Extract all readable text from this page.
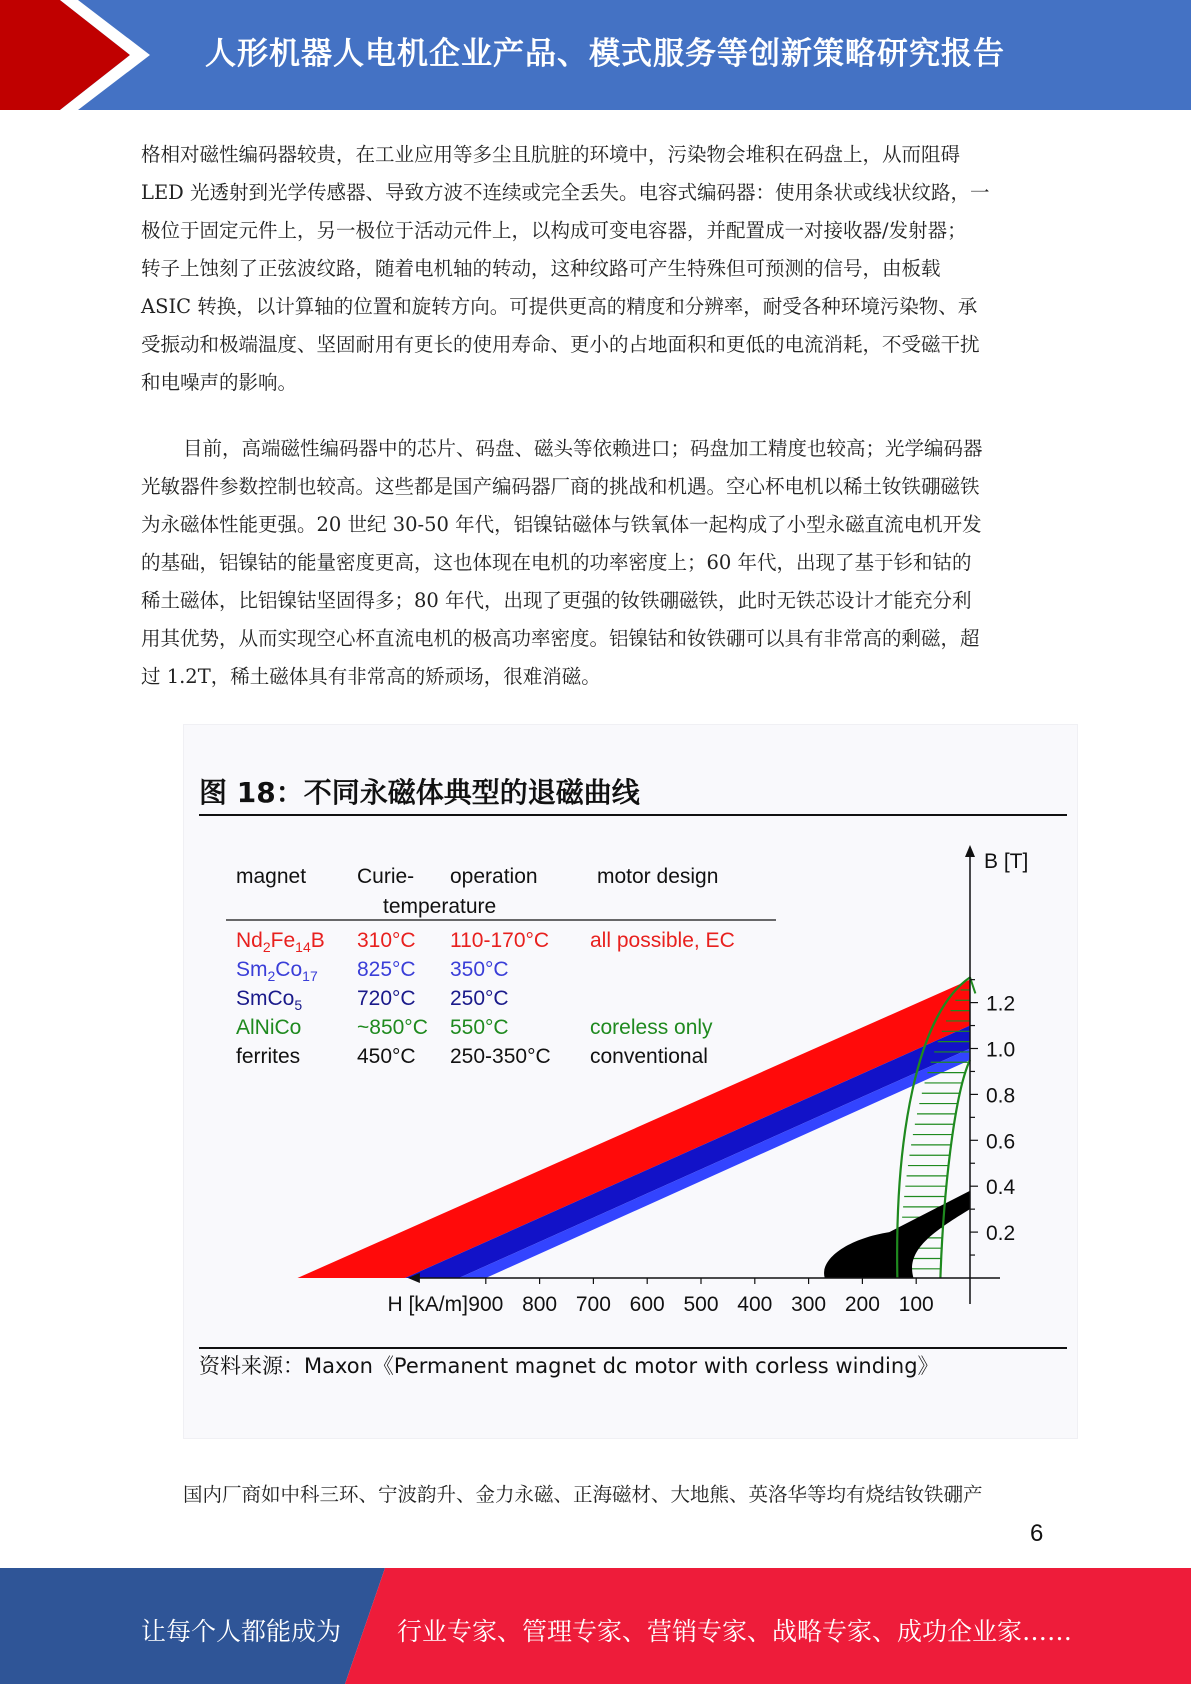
人形机器人电机企业产品、模式服务等创新策略研究报告
格相对磁性编码器较贵，在工业应用等多尘且肮脏的环境中，污染物会堆积在码盘上，从而阻碍
LED 光透射到光学传感器、导致方波不连续或完全丢失。电容式编码器：使用条状或线状纹路，一
极位于固定元件上，另一极位于活动元件上，以构成可变电容器，并配置成一对接收器/发射器；
转子上蚀刻了正弦波纹路，随着电机轴的转动，这种纹路可产生特殊但可预测的信号，由板载
ASIC 转换，以计算轴的位置和旋转方向。可提供更高的精度和分辨率，耐受各种环境污染物、承
受振动和极端温度、坚固耐用有更长的使用寿命、更小的占地面积和更低的电流消耗，不受磁干扰
和电噪声的影响。
目前，高端磁性编码器中的芯片、码盘、磁头等依赖进口；码盘加工精度也较高；光学编码器
光敏器件参数控制也较高。这些都是国产编码器厂商的挑战和机遇。空心杯电机以稀土钕铁硼磁铁
为永磁体性能更强。20 世纪 30-50 年代，铝镍钴磁体与铁氧体一起构成了小型永磁直流电机开发
的基础，铝镍钴的能量密度更高，这也体现在电机的功率密度上；60 年代，出现了基于钐和钴的
稀土磁体，比铝镍钴坚固得多；80 年代，出现了更强的钕铁硼磁铁，此时无铁芯设计才能充分利
用其优势，从而实现空心杯直流电机的极高功率密度。铝镍钴和钕铁硼可以具有非常高的剩磁，超
过 1.2T，稀土磁体具有非常高的矫顽场，很难消磁。
图 18：不同永磁体典型的退磁曲线
0.2
0.4
0.6
0.8
1.0
1.2
900 800 700 600 500 400 300 200 100
H [kA/m]
B [T]
magnet Curie- operation	motor design
temperature
$Nd_2Fe_{14}B$ 310°C 110-170°C all possible, EC
$Sm_2Co_{17}$ 825°C 350°C
SmCo$_5$	720°C 250°C
AlNiCo	~850°C 550°C	coreless only
ferrites	450°C 250-350°C conventional
资料来源：Maxon《Permanent magnet dc motor with corless winding》
国内厂商如中科三环、宁波韵升、金力永磁、正海磁材、大地熊、英洛华等均有烧结钕铁硼产
6
让每个人都能成为 行业专家、管理专家、营销专家、战略专家、成功企业家……
